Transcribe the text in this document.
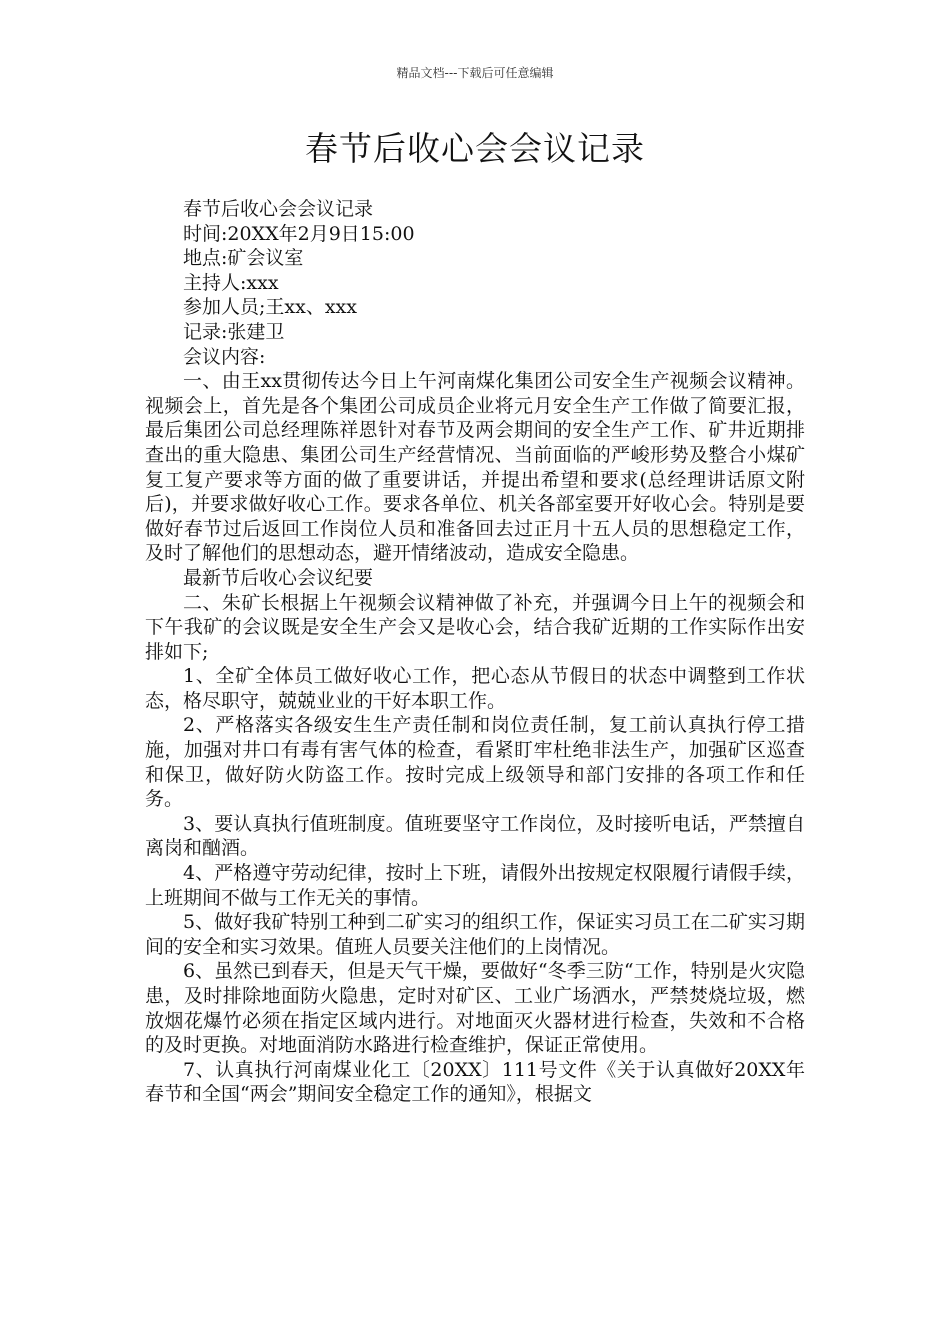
精品文档---下载后可任意编辑
春节后收心会会议记录

春节后收心会会议记录

时间:20XX年2月9日15:00

地点:矿会议室

主持人:xxx

参加人员;王xx、xxx

记录:张建卫

会议内容:

一、由王xx贯彻传达今日上午河南煤化集团公司安全生产视频会议精神。视频会上，首先是各个集团公司成员企业将元月安全生产工作做了简要汇报，最后集团公司总经理陈祥恩针对春节及两会期间的安全生产工作、矿井近期排查出的重大隐患、集团公司生产经营情况、当前面临的严峻形势及整合小煤矿复工复产要求等方面的做了重要讲话，并提出希望和要求(总经理讲话原文附后)，并要求做好收心工作。要求各单位、机关各部室要开好收心会。特别是要做好春节过后返回工作岗位人员和准备回去过正月十五人员的思想稳定工作，及时了解他们的思想动态，避开情绪波动，造成安全隐患。

最新节后收心会议纪要

二、朱矿长根据上午视频会议精神做了补充，并强调今日上午的视频会和下午我矿的会议既是安全生产会又是收心会，结合我矿近期的工作实际作出安排如下;

1、全矿全体员工做好收心工作，把心态从节假日的状态中调整到工作状态，格尽职守，兢兢业业的干好本职工作。

2、严格落实各级安生生产责任制和岗位责任制，复工前认真执行停工措施，加强对井口有毒有害气体的检查，看紧盯牢杜绝非法生产，加强矿区巡查和保卫，做好防火防盗工作。按时完成上级领导和部门安排的各项工作和任务。

3、要认真执行值班制度。值班要坚守工作岗位，及时接听电话，严禁擅自离岗和酗酒。

4、严格遵守劳动纪律，按时上下班，请假外出按规定权限履行请假手续，上班期间不做与工作无关的事情。

5、做好我矿特别工种到二矿实习的组织工作，保证实习员工在二矿实习期间的安全和实习效果。值班人员要关注他们的上岗情况。

6、虽然已到春天，但是天气干燥，要做好“冬季三防“工作，特别是火灾隐患，及时排除地面防火隐患，定时对矿区、工业广场洒水，严禁焚烧垃圾，燃放烟花爆竹必须在指定区域内进行。对地面灭火器材进行检查，失效和不合格的及时更换。对地面消防水路进行检查维护，保证正常使用。

7、认真执行河南煤业化工〔20XX〕111号文件《关于认真做好20XX年春节和全国“两会”期间安全稳定工作的通知》，根据文
